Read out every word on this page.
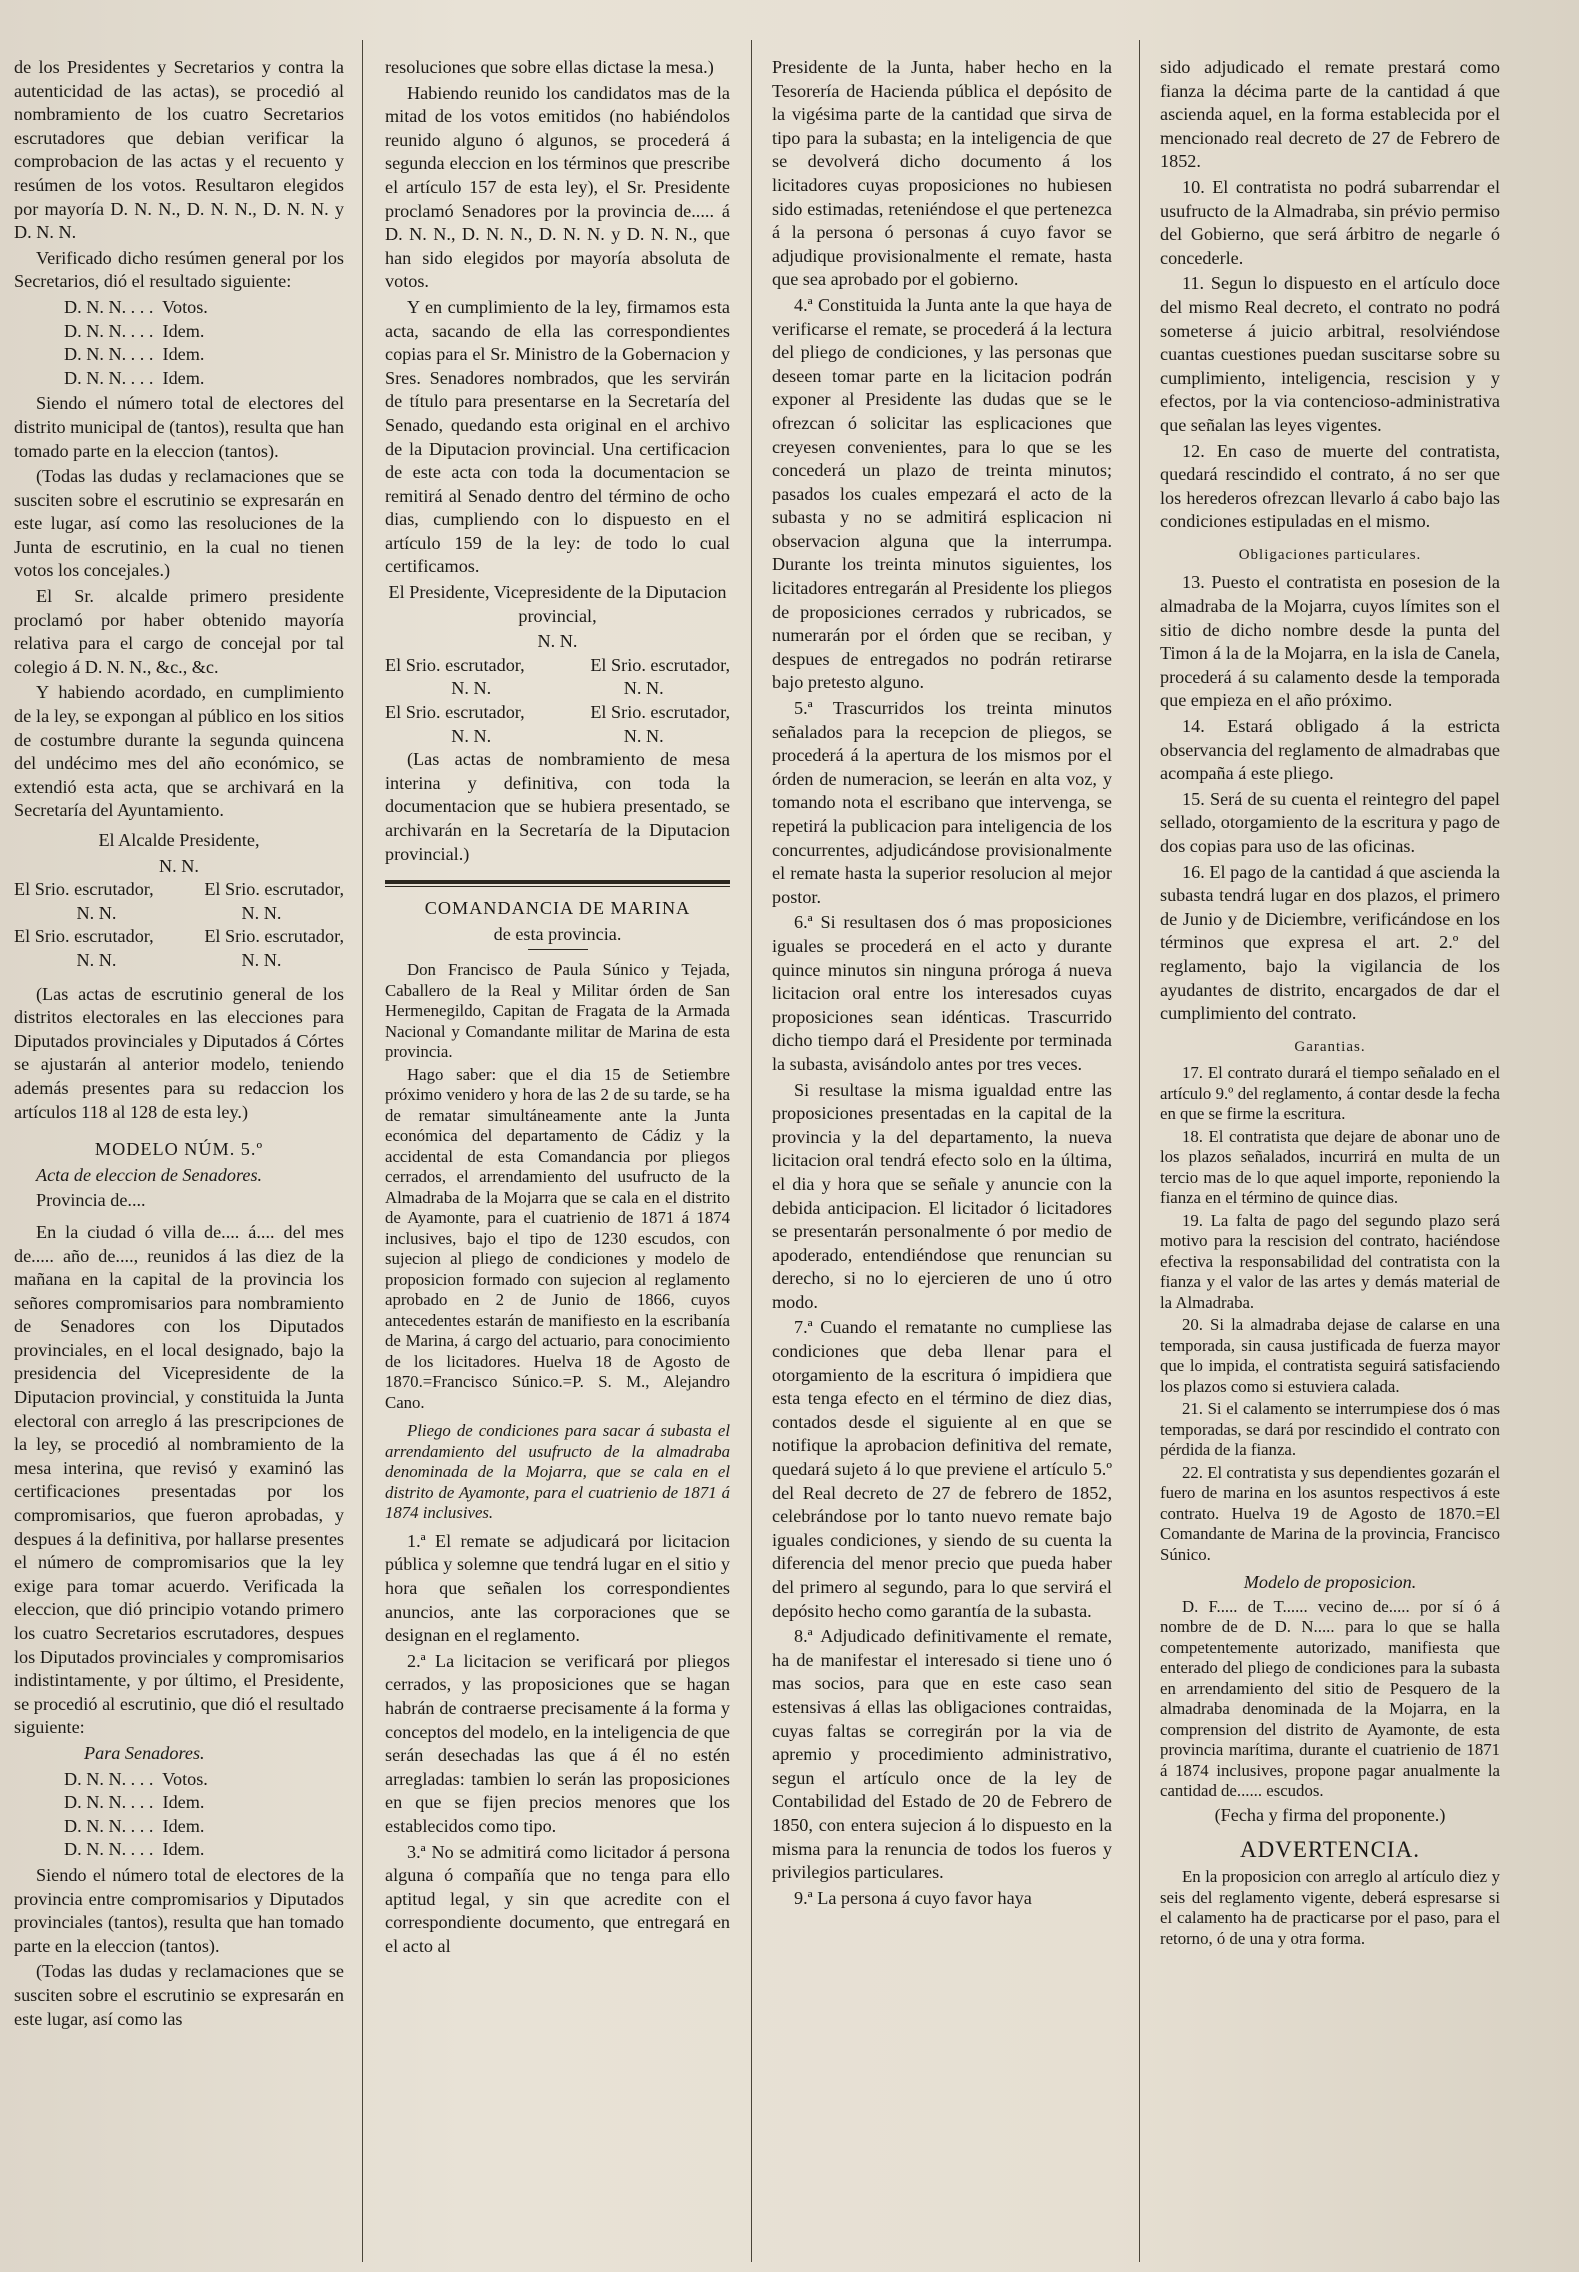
de los Presidentes y Secretarios y contra la autenticidad de las actas), se procedió al nombramiento de los cuatro Secretarios escrutadores que debian verificar la comprobacion de las actas y el recuento y resúmen de los votos. Resultaron elegidos por mayoría D. N. N., D. N. N., D. N. N. y D. N. N.

Verificado dicho resúmen general por los Secretarios, dió el resultado siguiente:

D. N. N. . . .  Votos.
D. N. N. . . .  Idem.
D. N. N. . . .  Idem.
D. N. N. . . .  Idem.

Siendo el número total de electores del distrito municipal de (tantos), resulta que han tomado parte en la eleccion (tantos).

(Todas las dudas y reclamaciones que se susciten sobre el escrutinio se expresarán en este lugar, así como las resoluciones de la Junta de escrutinio, en la cual no tienen votos los concejales.)

El Sr. alcalde primero presidente proclamó por haber obtenido mayoría relativa para el cargo de concejal por tal colegio á D. N. N., &c., &c.

Y habiendo acordado, en cumplimiento de la ley, se expongan al público en los sitios de costumbre durante la segunda quincena del undécimo mes del año económico, se extendió esta acta, que se archivará en la Secretaría del Ayuntamiento.

El Alcalde Presidente,

N. N.

El Srio. escrutador,	El Srio. escrutador,
N. N.	N. N.
El Srio. escrutador,	El Srio. escrutador,
N. N.	N. N.

(Las actas de escrutinio general de los distritos electorales en las elecciones para Diputados provinciales y Diputados á Córtes se ajustarán al anterior modelo, teniendo además presentes para su redaccion los artículos 118 al 128 de esta ley.)

MODELO NÚM. 5.º

Acta de eleccion de Senadores.

Provincia de....

En la ciudad ó villa de.... á.... del mes de..... año de...., reunidos á las diez de la mañana en la capital de la provincia los señores compromisarios para nombramiento de Senadores con los Diputados provinciales, en el local designado, bajo la presidencia del Vicepresidente de la Diputacion provincial, y constituida la Junta electoral con arreglo á las prescripciones de la ley, se procedió al nombramiento de la mesa interina, que revisó y examinó las certificaciones presentadas por los compromisarios, que fueron aprobadas, y despues á la definitiva, por hallarse presentes el número de compromisarios que la ley exige para tomar acuerdo. Verificada la eleccion, que dió principio votando primero los cuatro Secretarios escrutadores, despues los Diputados provinciales y compromisarios indistintamente, y por último, el Presidente, se procedió al escrutinio, que dió el resultado siguiente:

Para Senadores.

D. N. N. . . .  Votos.
D. N. N. . . .  Idem.
D. N. N. . . .  Idem.
D. N. N. . . .  Idem.

Siendo el número total de electores de la provincia entre compromisarios y Diputados provinciales (tantos), resulta que han tomado parte en la eleccion (tantos).

(Todas las dudas y reclamaciones que se susciten sobre el escrutinio se expresarán en este lugar, así como las

resoluciones que sobre ellas dictase la mesa.)

Habiendo reunido los candidatos mas de la mitad de los votos emitidos (no habiéndolos reunido alguno ó algunos, se procederá á segunda eleccion en los términos que prescribe el artículo 157 de esta ley), el Sr. Presidente proclamó Senadores por la provincia de..... á D. N. N., D. N. N., D. N. N. y D. N. N., que han sido elegidos por mayoría absoluta de votos.

Y en cumplimiento de la ley, firmamos esta acta, sacando de ella las correspondientes copias para el Sr. Ministro de la Gobernacion y Sres. Senadores nombrados, que les servirán de título para presentarse en la Secretaría del Senado, quedando esta original en el archivo de la Diputacion provincial. Una certificacion de este acta con toda la documentacion se remitirá al Senado dentro del término de ocho dias, cumpliendo con lo dispuesto en el artículo 159 de la ley: de todo lo cual certificamos.

El Presidente, Vicepresidente de la Diputacion provincial,

N. N.

El Srio. escrutador,	El Srio. escrutador,
N. N.	N. N.
El Srio. escrutador,	El Srio. escrutador,
N. N.	N. N.

(Las actas de nombramiento de mesa interina y definitiva, con toda la documentacion que se hubiera presentado, se archivarán en la Secretaría de la Diputacion provincial.)

COMANDANCIA DE MARINA

de esta provincia.

Don Francisco de Paula Súnico y Tejada, Caballero de la Real y Militar órden de San Hermenegildo, Capitan de Fragata de la Armada Nacional y Comandante militar de Marina de esta provincia.

Hago saber: que el dia 15 de Setiembre próximo venidero y hora de las 2 de su tarde, se ha de rematar simultáneamente ante la Junta económica del departamento de Cádiz y la accidental de esta Comandancia por pliegos cerrados, el arrendamiento del usufructo de la Almadraba de la Mojarra que se cala en el distrito de Ayamonte, para el cuatrienio de 1871 á 1874 inclusives, bajo el tipo de 1230 escudos, con sujecion al pliego de condiciones y modelo de proposicion formado con sujecion al reglamento aprobado en 2 de Junio de 1866, cuyos antecedentes estarán de manifiesto en la escribanía de Marina, á cargo del actuario, para conocimiento de los licitadores. Huelva 18 de Agosto de 1870.=Francisco Súnico.=P. S. M., Alejandro Cano.

Pliego de condiciones para sacar á subasta el arrendamiento del usufructo de la almadraba denominada de la Mojarra, que se cala en el distrito de Ayamonte, para el cuatrienio de 1871 á 1874 inclusives.

1.ª El remate se adjudicará por licitacion pública y solemne que tendrá lugar en el sitio y hora que señalen los correspondientes anuncios, ante las corporaciones que se designan en el reglamento.

2.ª La licitacion se verificará por pliegos cerrados, y las proposiciones que se hagan habrán de contraerse precisamente á la forma y conceptos del modelo, en la inteligencia de que serán desechadas las que á él no estén arregladas: tambien lo serán las proposiciones en que se fijen precios menores que los establecidos como tipo.

3.ª No se admitirá como licitador á persona alguna ó compañía que no tenga para ello aptitud legal, y sin que acredite con el correspondiente documento, que entregará en el acto al

Presidente de la Junta, haber hecho en la Tesorería de Hacienda pública el depósito de la vigésima parte de la cantidad que sirva de tipo para la subasta; en la inteligencia de que se devolverá dicho documento á los licitadores cuyas proposiciones no hubiesen sido estimadas, reteniéndose el que pertenezca á la persona ó personas á cuyo favor se adjudique provisionalmente el remate, hasta que sea aprobado por el gobierno.

4.ª Constituida la Junta ante la que haya de verificarse el remate, se procederá á la lectura del pliego de condiciones, y las personas que deseen tomar parte en la licitacion podrán exponer al Presidente las dudas que se le ofrezcan ó solicitar las esplicaciones que creyesen convenientes, para lo que se les concederá un plazo de treinta minutos; pasados los cuales empezará el acto de la subasta y no se admitirá esplicacion ni observacion alguna que la interrumpa. Durante los treinta minutos siguientes, los licitadores entregarán al Presidente los pliegos de proposiciones cerrados y rubricados, se numerarán por el órden que se reciban, y despues de entregados no podrán retirarse bajo pretesto alguno.

5.ª Trascurridos los treinta minutos señalados para la recepcion de pliegos, se procederá á la apertura de los mismos por el órden de numeracion, se leerán en alta voz, y tomando nota el escribano que intervenga, se repetirá la publicacion para inteligencia de los concurrentes, adjudicándose provisionalmente el remate hasta la superior resolucion al mejor postor.

6.ª Si resultasen dos ó mas proposiciones iguales se procederá en el acto y durante quince minutos sin ninguna próroga á nueva licitacion oral entre los interesados cuyas proposiciones sean idénticas. Trascurrido dicho tiempo dará el Presidente por terminada la subasta, avisándolo antes por tres veces.

Si resultase la misma igualdad entre las proposiciones presentadas en la capital de la provincia y la del departamento, la nueva licitacion oral tendrá efecto solo en la última, el dia y hora que se señale y anuncie con la debida anticipacion. El licitador ó licitadores se presentarán personalmente ó por medio de apoderado, entendiéndose que renuncian su derecho, si no lo ejercieren de uno ú otro modo.

7.ª Cuando el rematante no cumpliese las condiciones que deba llenar para el otorgamiento de la escritura ó impidiera que esta tenga efecto en el término de diez dias, contados desde el siguiente al en que se notifique la aprobacion definitiva del remate, quedará sujeto á lo que previene el artículo 5.º del Real decreto de 27 de febrero de 1852, celebrándose por lo tanto nuevo remate bajo iguales condiciones, y siendo de su cuenta la diferencia del menor precio que pueda haber del primero al segundo, para lo que servirá el depósito hecho como garantía de la subasta.

8.ª Adjudicado definitivamente el remate, ha de manifestar el interesado si tiene uno ó mas socios, para que en este caso sean estensivas á ellas las obligaciones contraidas, cuyas faltas se corregirán por la via de apremio y procedimiento administrativo, segun el artículo once de la ley de Contabilidad del Estado de 20 de Febrero de 1850, con entera sujecion á lo dispuesto en la misma para la renuncia de todos los fueros y privilegios particulares.

9.ª La persona á cuyo favor haya

sido adjudicado el remate prestará como fianza la décima parte de la cantidad á que ascienda aquel, en la forma establecida por el mencionado real decreto de 27 de Febrero de 1852.

10. El contratista no podrá subarrendar el usufructo de la Almadraba, sin prévio permiso del Gobierno, que será árbitro de negarle ó concederle.

11. Segun lo dispuesto en el artículo doce del mismo Real decreto, el contrato no podrá someterse á juicio arbitral, resolviéndose cuantas cuestiones puedan suscitarse sobre su cumplimiento, inteligencia, rescision y y efectos, por la via contencioso-administrativa que señalan las leyes vigentes.

12. En caso de muerte del contratista, quedará rescindido el contrato, á no ser que los herederos ofrezcan llevarlo á cabo bajo las condiciones estipuladas en el mismo.

Obligaciones particulares.

13. Puesto el contratista en posesion de la almadraba de la Mojarra, cuyos límites son el sitio de dicho nombre desde la punta del Timon á la de la Mojarra, en la isla de Canela, procederá á su calamento desde la temporada que empieza en el año próximo.

14. Estará obligado á la estricta observancia del reglamento de almadrabas que acompaña á este pliego.

15. Será de su cuenta el reintegro del papel sellado, otorgamiento de la escritura y pago de dos copias para uso de las oficinas.

16. El pago de la cantidad á que ascienda la subasta tendrá lugar en dos plazos, el primero de Junio y de Diciembre, verificándose en los términos que expresa el art. 2.º del reglamento, bajo la vigilancia de los ayudantes de distrito, encargados de dar el cumplimiento del contrato.

Garantias.

17. El contrato durará el tiempo señalado en el artículo 9.º del reglamento, á contar desde la fecha en que se firme la escritura.

18. El contratista que dejare de abonar uno de los plazos señalados, incurrirá en multa de un tercio mas de lo que aquel importe, reponiendo la fianza en el término de quince dias.

19. La falta de pago del segundo plazo será motivo para la rescision del contrato, haciéndose efectiva la responsabilidad del contratista con la fianza y el valor de las artes y demás material de la Almadraba.

20. Si la almadraba dejase de calarse en una temporada, sin causa justificada de fuerza mayor que lo impida, el contratista seguirá satisfaciendo los plazos como si estuviera calada.

21. Si el calamento se interrumpiese dos ó mas temporadas, se dará por rescindido el contrato con pérdida de la fianza.

22. El contratista y sus dependientes gozarán el fuero de marina en los asuntos respectivos á este contrato. Huelva 19 de Agosto de 1870.=El Comandante de Marina de la provincia, Francisco Súnico.

Modelo de proposicion.

D. F..... de T...... vecino de..... por sí ó á nombre de de D. N..... para lo que se halla competentemente autorizado, manifiesta que enterado del pliego de condiciones para la subasta en arrendamiento del sitio de Pesquero de la almadraba denominada de la Mojarra, en la comprension del distrito de Ayamonte, de esta provincia marítima, durante el cuatrienio de 1871 á 1874 inclusives, propone pagar anualmente la cantidad de...... escudos.

(Fecha y firma del proponente.)

ADVERTENCIA.

En la proposicion con arreglo al artículo diez y seis del reglamento vigente, deberá espresarse si el calamento ha de practicarse por el paso, para el retorno, ó de una y otra forma.
